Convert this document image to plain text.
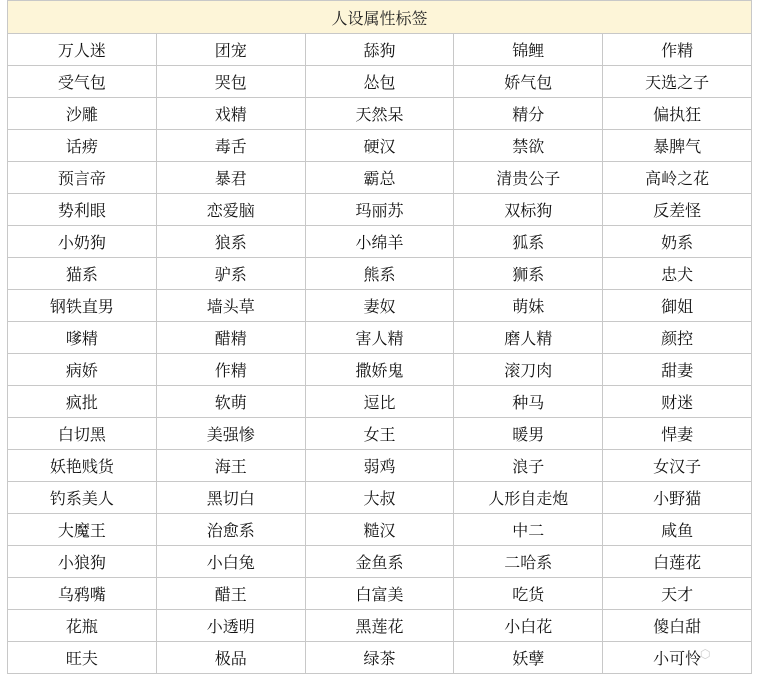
人设属性标签				
万人迷	团宠	舔狗	锦鲤	作精
受气包	哭包	怂包	娇气包	天选之子
沙雕	戏精	天然呆	精分	偏执狂
话痨	毒舌	硬汉	禁欲	暴脾气
预言帝	暴君	霸总	清贵公子	高岭之花
势利眼	恋爱脑	玛丽苏	双标狗	反差怪
小奶狗	狼系	小绵羊	狐系	奶系
猫系	驴系	熊系	狮系	忠犬
钢铁直男	墙头草	妻奴	萌妹	御姐
嗲精	醋精	害人精	磨人精	颜控
病娇	作精	撒娇鬼	滚刀肉	甜妻
疯批	软萌	逗比	种马	财迷
白切黑	美强惨	女王	暖男	悍妻
妖艳贱货	海王	弱鸡	浪子	女汉子
钓系美人	黑切白	大叔	人形自走炮	小野猫
大魔王	治愈系	糙汉	中二	咸鱼
小狼狗	小白兔	金鱼系	二哈系	白莲花
乌鸦嘴	醋王	白富美	吃货	天才
花瓶	小透明	黑莲花	小白花	傻白甜
旺夫	极品	绿茶	妖孽	小可怜
⬡
